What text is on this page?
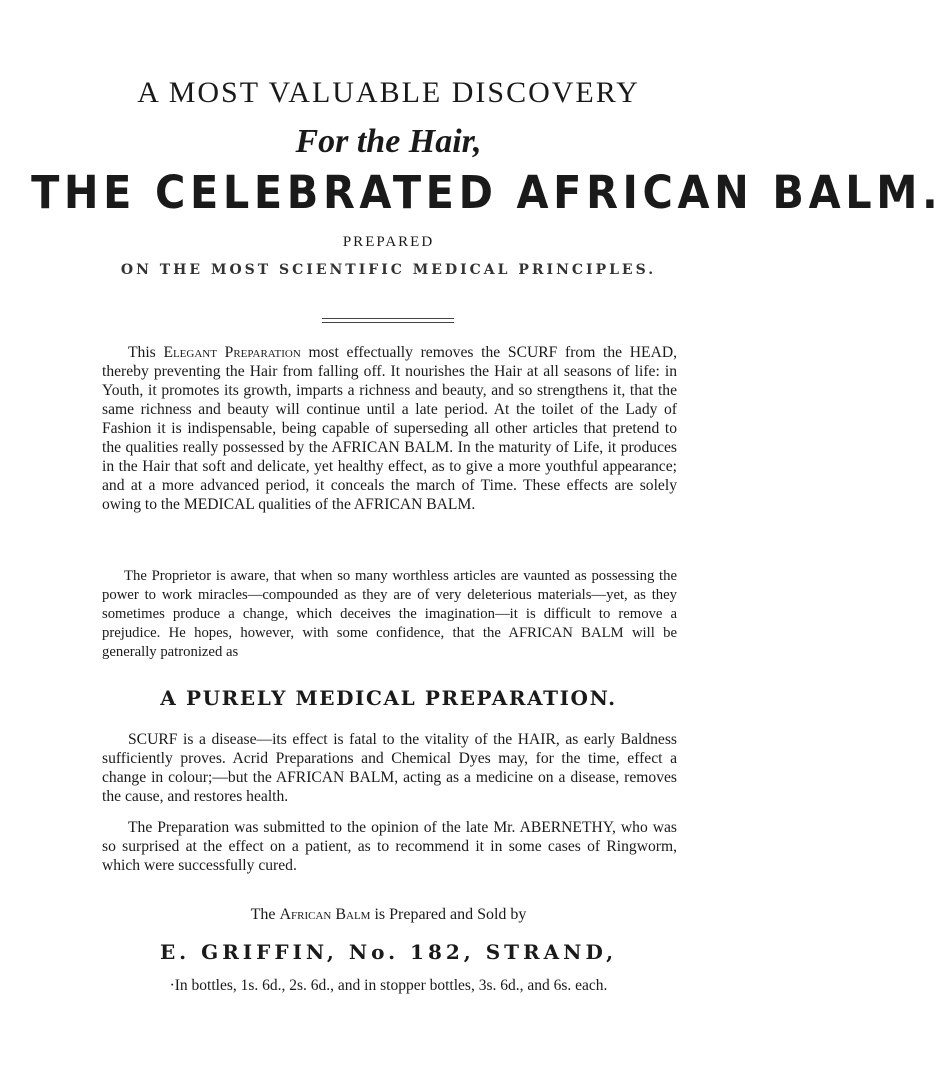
A MOST VALUABLE DISCOVERY
For the Hair,
THE CELEBRATED AFRICAN BALM.
PREPARED
ON THE MOST SCIENTIFIC MEDICAL PRINCIPLES.
This Elegant Preparation most effectually removes the SCURF from the HEAD, thereby preventing the Hair from falling off. It nourishes the Hair at all seasons of life: in Youth, it promotes its growth, imparts a richness and beauty, and so strengthens it, that the same richness and beauty will continue until a late period. At the toilet of the Lady of Fashion it is indispensable, being capable of superseding all other articles that pretend to the qualities really possessed by the AFRICAN BALM. In the maturity of Life, it produces in the Hair that soft and delicate, yet healthy effect, as to give a more youthful appearance; and at a more advanced period, it conceals the march of Time. These effects are solely owing to the MEDICAL qualities of the AFRICAN BALM.
The Proprietor is aware, that when so many worthless articles are vaunted as possessing the power to work miracles—compounded as they are of very deleterious materials—yet, as they sometimes produce a change, which deceives the imagination—it is difficult to remove a prejudice. He hopes, however, with some confidence, that the AFRICAN BALM will be generally patronized as
A PURELY MEDICAL PREPARATION.
SCURF is a disease—its effect is fatal to the vitality of the HAIR, as early Baldness sufficiently proves. Acrid Preparations and Chemical Dyes may, for the time, effect a change in colour;—but the AFRICAN BALM, acting as a medicine on a disease, removes the cause, and restores health.
The Preparation was submitted to the opinion of the late Mr. ABERNETHY, who was so surprised at the effect on a patient, as to recommend it in some cases of Ringworm, which were successfully cured.
The African Balm is Prepared and Sold by
E. GRIFFIN, No. 182, STRAND,
·In bottles, 1s. 6d., 2s. 6d., and in stopper bottles, 3s. 6d., and 6s. each.
